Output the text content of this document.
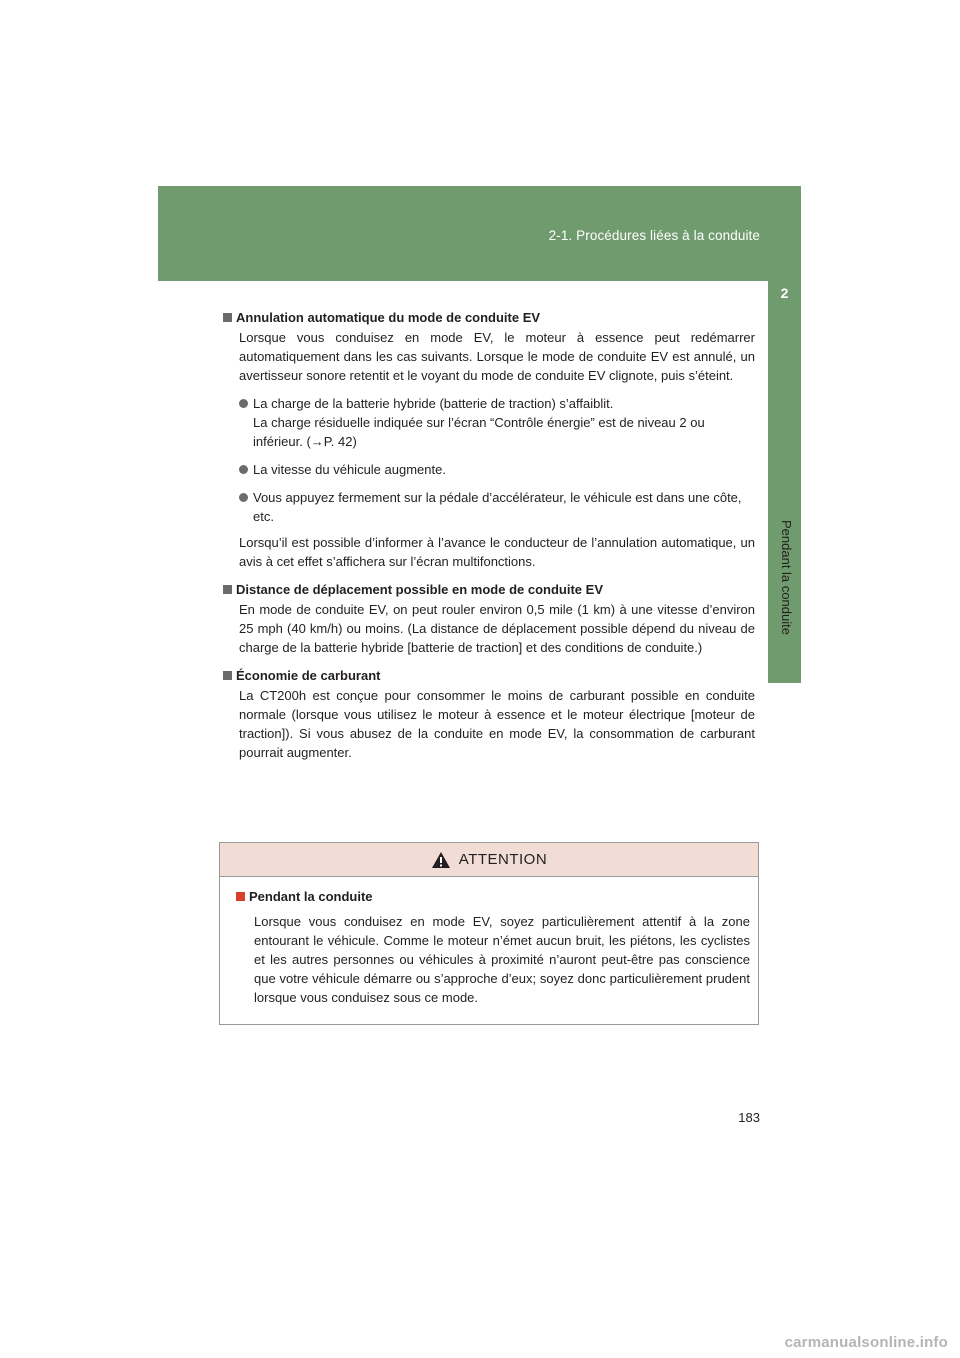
2-1. Procédures liées à la conduite
2
Pendant la conduite
Annulation automatique du mode de conduite EV
Lorsque vous conduisez en mode EV, le moteur à essence peut redémarrer automatiquement dans les cas suivants. Lorsque le mode de conduite EV est annulé, un avertisseur sonore retentit et le voyant du mode de conduite EV clignote, puis s’éteint.
La charge de la batterie hybride (batterie de traction) s’affaiblit.
La charge résiduelle indiquée sur l’écran “Contrôle énergie” est de niveau 2 ou inférieur. (→P. 42)
La vitesse du véhicule augmente.
Vous appuyez fermement sur la pédale d’accélérateur, le véhicule est dans une côte, etc.
Lorsqu’il est possible d’informer à l’avance le conducteur de l’annulation automatique, un avis à cet effet s’affichera sur l’écran multifonctions.
Distance de déplacement possible en mode de conduite EV
En mode de conduite EV, on peut rouler environ 0,5 mile (1 km) à une vitesse d’environ 25 mph (40 km/h) ou moins. (La distance de déplacement possible dépend du niveau de charge de la batterie hybride [batterie de traction] et des conditions de conduite.)
Économie de carburant
La CT200h est conçue pour consommer le moins de carburant possible en conduite normale (lorsque vous utilisez le moteur à essence et le moteur électrique [moteur de traction]). Si vous abusez de la conduite en mode EV, la consommation de carburant pourrait augmenter.
ATTENTION
Pendant la conduite
Lorsque vous conduisez en mode EV, soyez particulièrement attentif à la zone entourant le véhicule. Comme le moteur n’émet aucun bruit, les piétons, les cyclistes et les autres personnes ou véhicules à proximité n’auront peut-être pas conscience que votre véhicule démarre ou s’approche d’eux; soyez donc particulièrement prudent lorsque vous conduisez sous ce mode.
183
carmanualsonline.info
